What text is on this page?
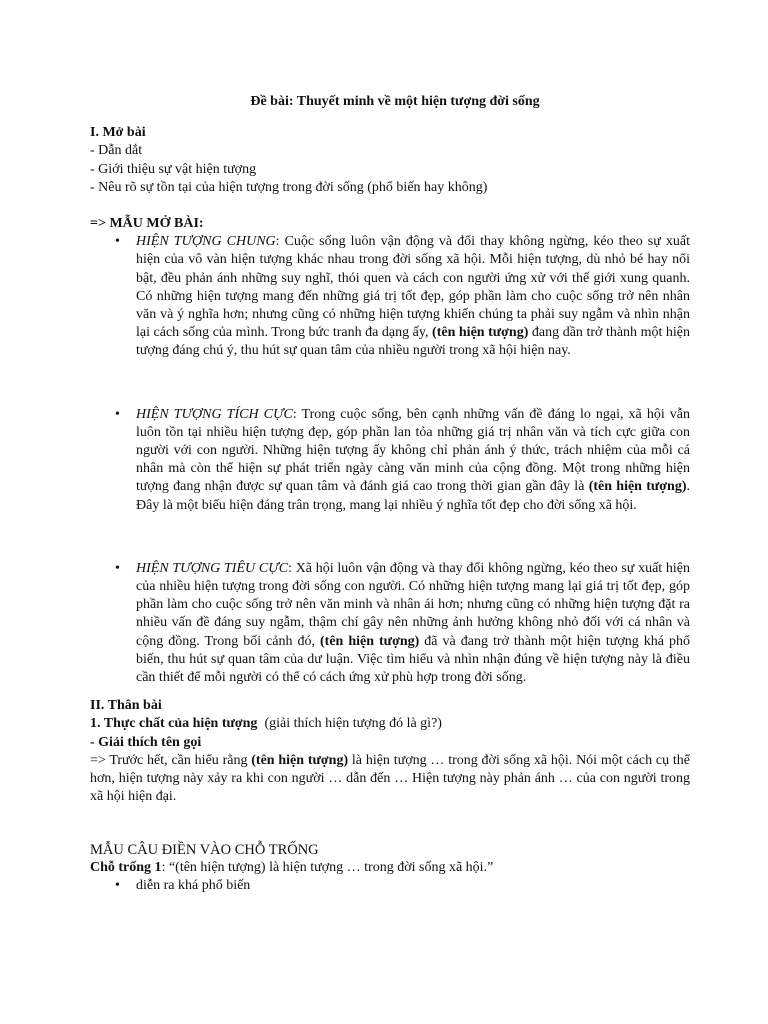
Đề bài: Thuyết minh về một hiện tượng đời sống

I. Mở bài

- Dẫn dắt

- Giới thiệu sự vật hiện tượng

- Nêu rõ sự tồn tại của hiện tượng trong đời sống (phổ biến hay không)

=> MẪU MỞ BÀI:

• HIỆN TƯỢNG CHUNG: Cuộc sống luôn vận động và đổi thay không ngừng, kéo theo sự xuất hiện của vô vàn hiện tượng khác nhau trong đời sống xã hội. Mỗi hiện tượng, dù nhỏ bé hay nổi bật, đều phản ánh những suy nghĩ, thói quen và cách con người ứng xử với thế giới xung quanh. Có những hiện tượng mang đến những giá trị tốt đẹp, góp phần làm cho cuộc sống trở nên nhân văn và ý nghĩa hơn; nhưng cũng có những hiện tượng khiến chúng ta phải suy ngẫm và nhìn nhận lại cách sống của mình. Trong bức tranh đa dạng ấy, (tên hiện tượng) đang dần trở thành một hiện tượng đáng chú ý, thu hút sự quan tâm của nhiều người trong xã hội hiện nay.
• HIỆN TƯỢNG TÍCH CỰC: Trong cuộc sống, bên cạnh những vấn đề đáng lo ngại, xã hội vẫn luôn tồn tại nhiều hiện tượng đẹp, góp phần lan tỏa những giá trị nhân văn và tích cực giữa con người với con người. Những hiện tượng ấy không chỉ phản ánh ý thức, trách nhiệm của mỗi cá nhân mà còn thể hiện sự phát triển ngày càng văn minh của cộng đồng. Một trong những hiện tượng đang nhận được sự quan tâm và đánh giá cao trong thời gian gần đây là (tên hiện tượng). Đây là một biểu hiện đáng trân trọng, mang lại nhiều ý nghĩa tốt đẹp cho đời sống xã hội.
• HIỆN TƯỢNG TIÊU CỰC: Xã hội luôn vận động và thay đổi không ngừng, kéo theo sự xuất hiện của nhiều hiện tượng trong đời sống con người. Có những hiện tượng mang lại giá trị tốt đẹp, góp phần làm cho cuộc sống trở nên văn minh và nhân ái hơn; nhưng cũng có những hiện tượng đặt ra nhiều vấn đề đáng suy ngẫm, thậm chí gây nên những ảnh hưởng không nhỏ đối với cá nhân và cộng đồng. Trong bối cảnh đó, (tên hiện tượng) đã và đang trở thành một hiện tượng khá phổ biến, thu hút sự quan tâm của dư luận. Việc tìm hiểu và nhìn nhận đúng về hiện tượng này là điều cần thiết để mỗi người có thể có cách ứng xử phù hợp trong đời sống.

II. Thân bài

1. Thực chất của hiện tượng  (giải thích hiện tượng đó là gì?)

- Giải thích tên gọi

=> Trước hết, cần hiểu rằng (tên hiện tượng) là hiện tượng … trong đời sống xã hội. Nói một cách cụ thể hơn, hiện tượng này xảy ra khi con người … dẫn đến … Hiện tượng này phản ánh … của con người trong xã hội hiện đại.

MẪU CÂU ĐIỀN VÀO CHỖ TRỐNG

Chỗ trống 1: “(tên hiện tượng) là hiện tượng … trong đời sống xã hội.”

• diễn ra khá phổ biến
